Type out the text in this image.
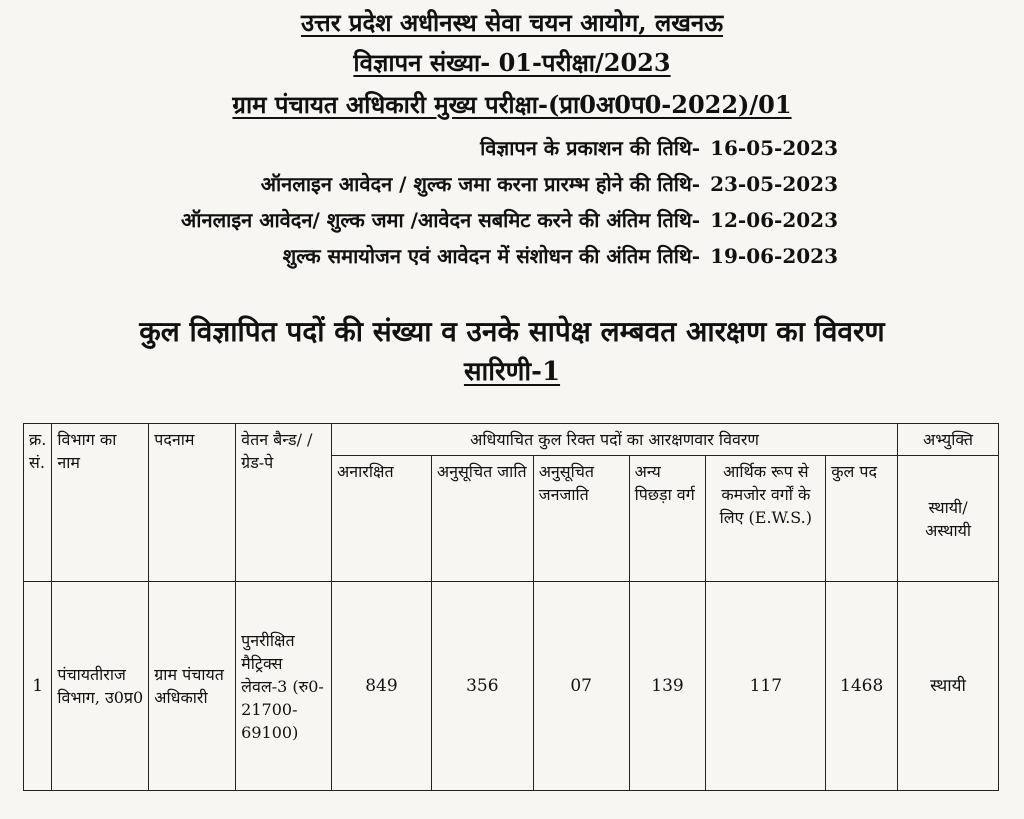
उत्तर प्रदेश अधीनस्थ सेवा चयन आयोग, लखनऊ
विज्ञापन संख्या- 01-परीक्षा/2023
ग्राम पंचायत अधिकारी मुख्य परीक्षा-(प्रा0अ0प0-2022)/01
विज्ञापन के प्रकाशन की तिथि- 16-05-2023
ऑनलाइन आवेदन / शुल्क जमा करना प्रारम्भ होने की तिथि- 23-05-2023
ऑनलाइन आवेदन/ शुल्क जमा /आवेदन सबमिट करने की अंतिम तिथि- 12-06-2023
शुल्क समायोजन एवं आवेदन में संशोधन की अंतिम तिथि- 19-06-2023
कुल विज्ञापित पदों की संख्या व उनके सापेक्ष लम्बवत आरक्षण का विवरण
सारिणी-1
क्र. सं.	विभाग का नाम	पदनाम	वेतन बैन्ड/ /ग्रेड-पे	अधियाचित कुल रिक्त पदों का आरक्षणवार विवरण						अभ्युक्ति
				अनारक्षित	अनुसूचित जाति	अनुसूचित जनजाति	अन्य पिछड़ा वर्ग	आर्थिक रूप से कमजोर वर्गों के लिए (E.W.S.)	कुल पद	स्थायी/ अस्थायी
1	पंचायतीराज विभाग, उ0प्र0	ग्राम पंचायत अधिकारी	पुनरीक्षित मैट्रिक्स लेवल-3 (रु0- 21700- 69100)	849	356	07	139	117	1468	स्थायी
